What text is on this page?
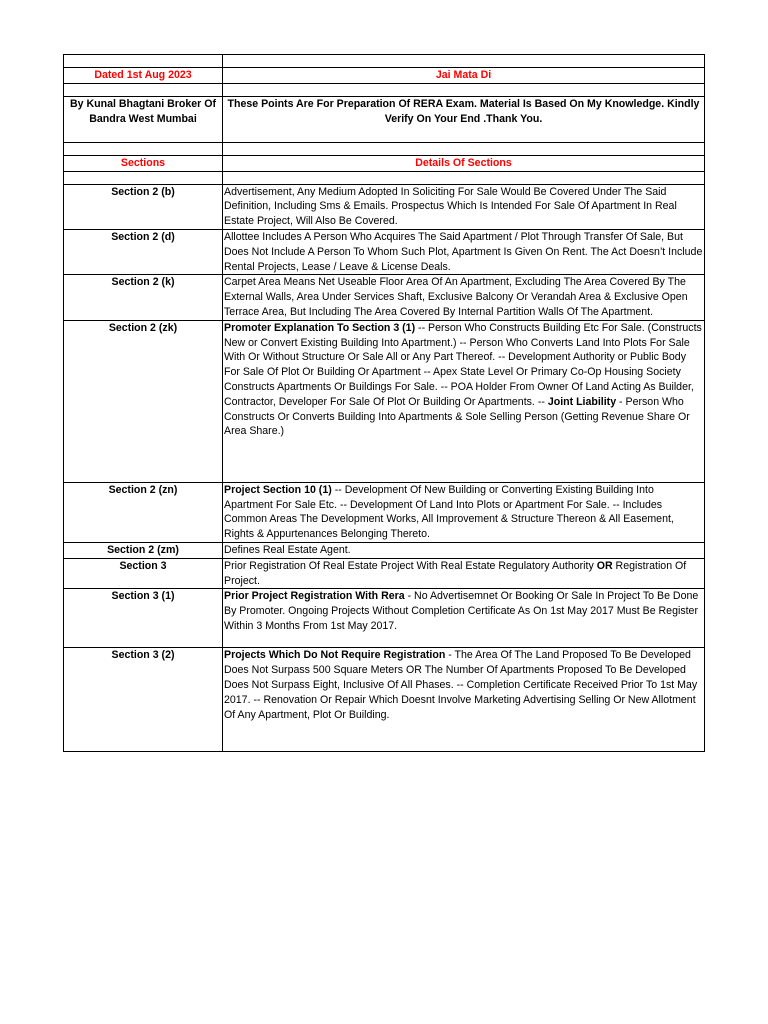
Dated 1st Aug 2023	Jai Mata Di

By Kunal Bhagtani Broker Of Bandra West Mumbai	These Points Are For Preparation Of RERA Exam. Material Is Based On My Knowledge. Kindly Verify On Your End .Thank You.

Sections	Details Of Sections

Section 2 (b)	Advertisement, Any Medium Adopted In Soliciting For Sale Would Be Covered Under The Said Definition, Including Sms & Emails. Prospectus Which Is Intended For Sale Of Apartment In Real Estate Project, Will Also Be Covered.
Section 2 (d)	Allottee Includes A Person Who Acquires The Said Apartment / Plot Through Transfer Of Sale, But Does Not Include A Person To Whom Such Plot, Apartment Is Given On Rent. The Act Doesn’t Include Rental Projects, Lease / Leave & License Deals.
Section 2 (k)	Carpet Area Means Net Useable Floor Area Of An Apartment, Excluding The Area Covered By The External Walls, Area Under Services Shaft, Exclusive Balcony Or Verandah Area & Exclusive Open Terrace Area, But Including The Area Covered By Internal Partition Walls Of The Apartment.
Section 2 (zk)	Promoter Explanation To Section 3 (1) -- Person Who Constructs Building Etc For Sale. (Constructs New or Convert Existing Building Into Apartment.) -- Person Who Converts Land Into Plots For Sale With Or Without Structure Or Sale All or Any Part Thereof. -- Development Authority or Public Body For Sale Of Plot Or Building Or Apartment -- Apex State Level Or Primary Co-Op Housing Society Constructs Apartments Or Buildings For Sale. -- POA Holder From Owner Of Land Acting As Builder, Contractor, Developer For Sale Of Plot Or Building Or Apartments. -- Joint Liability - Person Who Constructs Or Converts Building Into Apartments & Sole Selling Person (Getting Revenue Share Or Area Share.)
Section 2 (zn)	Project Section 10 (1) -- Development Of New Building or Converting Existing Building Into Apartment For Sale Etc. -- Development Of Land Into Plots or Apartment For Sale. -- Includes Common Areas The Development Works, All Improvement & Structure Thereon & All Easement, Rights & Appurtenances Belonging Thereto.
Section 2 (zm)	Defines Real Estate Agent.
Section 3	Prior Registration Of Real Estate Project With Real Estate Regulatory Authority OR Registration Of Project.
Section 3 (1)	Prior Project Registration With Rera - No Advertisemnet Or Booking Or Sale In Project To Be Done By Promoter. Ongoing Projects Without Completion Certificate As On 1st May 2017 Must Be Register Within 3 Months From 1st May 2017.
Section 3 (2)	Projects Which Do Not Require Registration - The Area Of The Land Proposed To Be Developed Does Not Surpass 500 Square Meters OR The Number Of Apartments Proposed To Be Developed Does Not Surpass Eight, Inclusive Of All Phases. -- Completion Certificate Received Prior To 1st May 2017. -- Renovation Or Repair Which Doesnt Involve Marketing Advertising Selling Or New Allotment Of Any Apartment, Plot Or Building.
